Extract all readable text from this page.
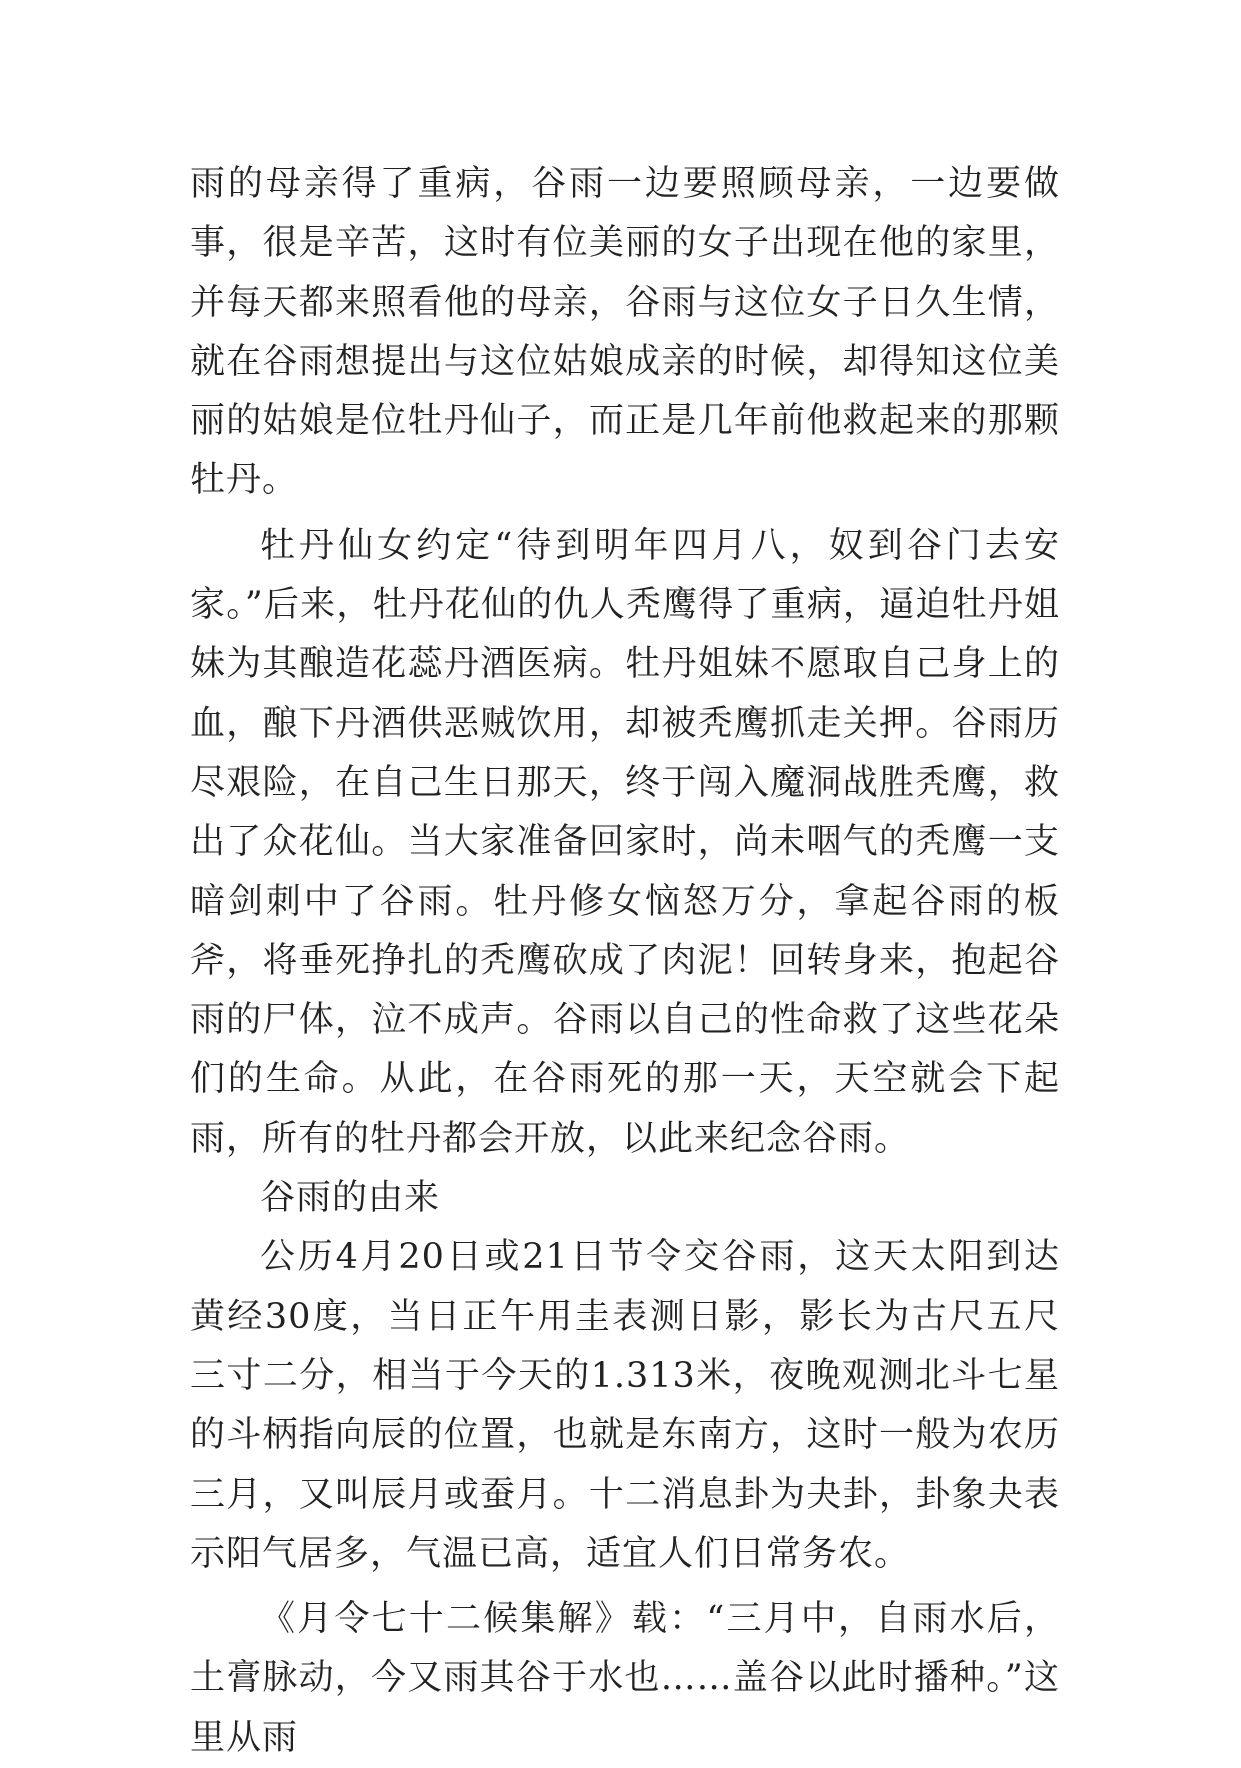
雨的母亲得了重病，谷雨一边要照顾母亲，一边要做事，很是辛苦，这时有位美丽的女子出现在他的家里，并每天都来照看他的母亲，谷雨与这位女子日久生情，就在谷雨想提出与这位姑娘成亲的时候，却得知这位美丽的姑娘是位牡丹仙子，而正是几年前他救起来的那颗牡丹。

牡丹仙女约定“待到明年四月八，奴到谷门去安家。”后来，牡丹花仙的仇人秃鹰得了重病，逼迫牡丹姐妹为其酿造花蕊丹酒医病。牡丹姐妹不愿取自己身上的血，酿下丹酒供恶贼饮用，却被秃鹰抓走关押。谷雨历尽艰险，在自己生日那天，终于闯入魔洞战胜秃鹰，救出了众花仙。当大家准备回家时，尚未咽气的秃鹰一支暗剑刺中了谷雨。牡丹修女恼怒万分，拿起谷雨的板斧，将垂死挣扎的秃鹰砍成了肉泥！回转身来，抱起谷雨的尸体，泣不成声。谷雨以自己的性命救了这些花朵们的生命。从此，在谷雨死的那一天，天空就会下起雨，所有的牡丹都会开放，以此来纪念谷雨。

谷雨的由来

公历4月20日或21日节令交谷雨，这天太阳到达黄经30度，当日正午用圭表测日影，影长为古尺五尺三寸二分，相当于今天的1.313米，夜晚观测北斗七星的斗柄指向辰的位置，也就是东南方，这时一般为农历三月，又叫辰月或蚕月。十二消息卦为夬卦，卦象夬表示阳气居多，气温已高，适宜人们日常务农。

《月令七十二候集解》载：“三月中，自雨水后，土膏脉动，今又雨其谷于水也……盖谷以此时播种。”这里从雨
